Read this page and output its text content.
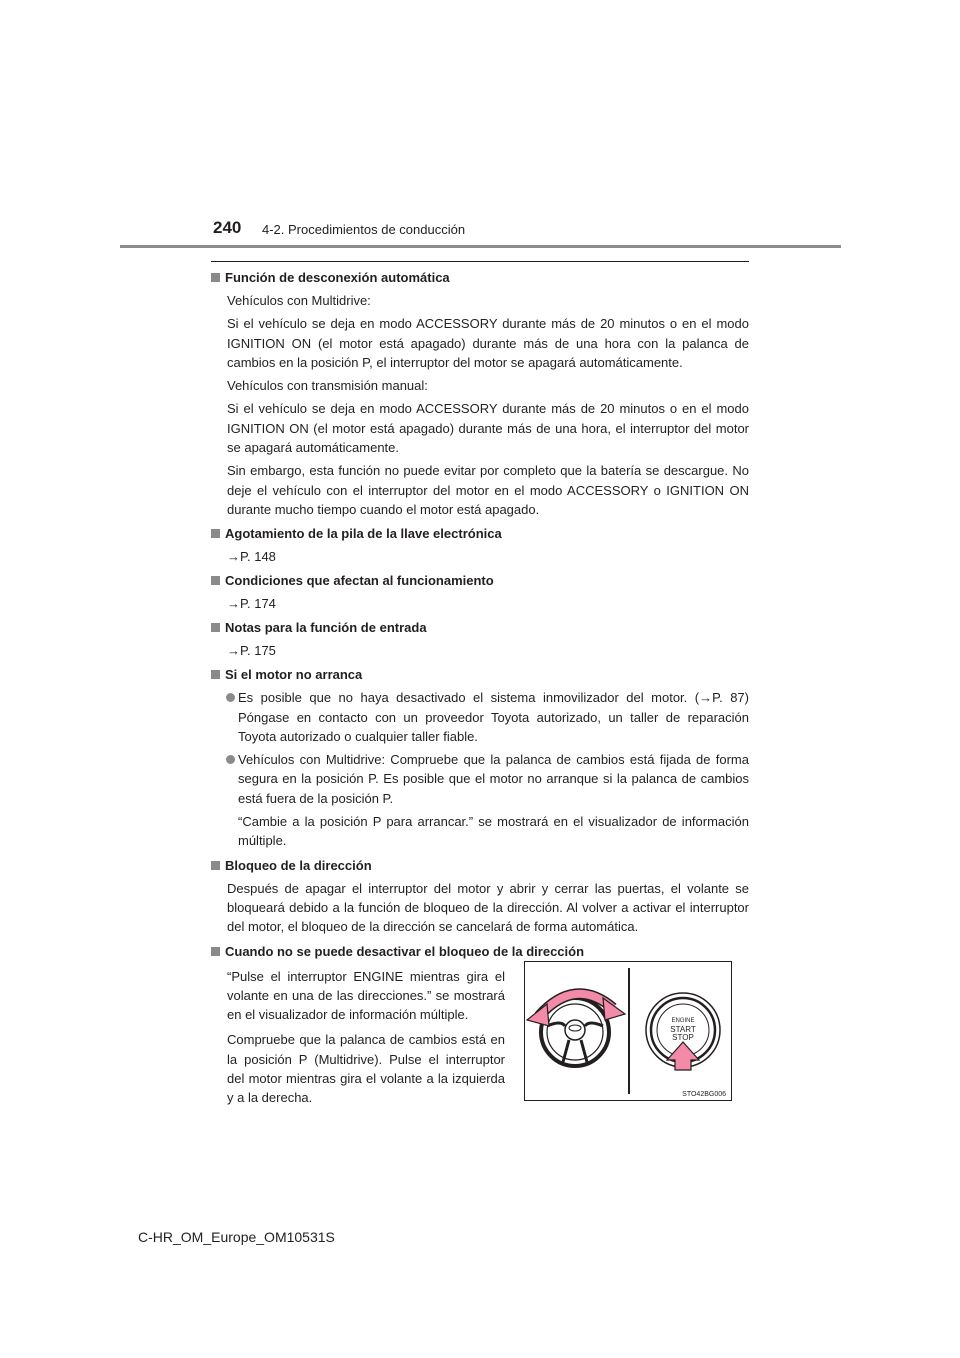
240 4-2. Procedimientos de conducción
Función de desconexión automática
Vehículos con Multidrive:
Si el vehículo se deja en modo ACCESSORY durante más de 20 minutos o en el modo IGNITION ON (el motor está apagado) durante más de una hora con la palanca de cambios en la posición P, el interruptor del motor se apagará automáticamente.
Vehículos con transmisión manual:
Si el vehículo se deja en modo ACCESSORY durante más de 20 minutos o en el modo IGNITION ON (el motor está apagado) durante más de una hora, el interruptor del motor se apagará automáticamente.
Sin embargo, esta función no puede evitar por completo que la batería se descargue. No deje el vehículo con el interruptor del motor en el modo ACCESSORY o IGNITION ON durante mucho tiempo cuando el motor está apagado.
Agotamiento de la pila de la llave electrónica
→P. 148
Condiciones que afectan al funcionamiento
→P. 174
Notas para la función de entrada
→P. 175
Si el motor no arranca
Es posible que no haya desactivado el sistema inmovilizador del motor. (→P. 87) Póngase en contacto con un proveedor Toyota autorizado, un taller de reparación Toyota autorizado o cualquier taller fiable.
Vehículos con Multidrive: Compruebe que la palanca de cambios está fijada de forma segura en la posición P. Es posible que el motor no arranque si la palanca de cambios está fuera de la posición P.
“Cambie a la posición P para arrancar.” se mostrará en el visualizador de información múltiple.
Bloqueo de la dirección
Después de apagar el interruptor del motor y abrir y cerrar las puertas, el volante se bloqueará debido a la función de bloqueo de la dirección. Al volver a activar el interruptor del motor, el bloqueo de la dirección se cancelará de forma automática.
Cuando no se puede desactivar el bloqueo de la dirección
“Pulse el interruptor ENGINE mientras gira el volante en una de las direcciones.” se mostrará en el visualizador de información múltiple.
Compruebe que la palanca de cambios está en la posición P (Multidrive). Pulse el interruptor del motor mientras gira el volante a la izquierda y a la derecha.
ENGINE
START
STOP
STO42BG006
C-HR_OM_Europe_OM10531S
